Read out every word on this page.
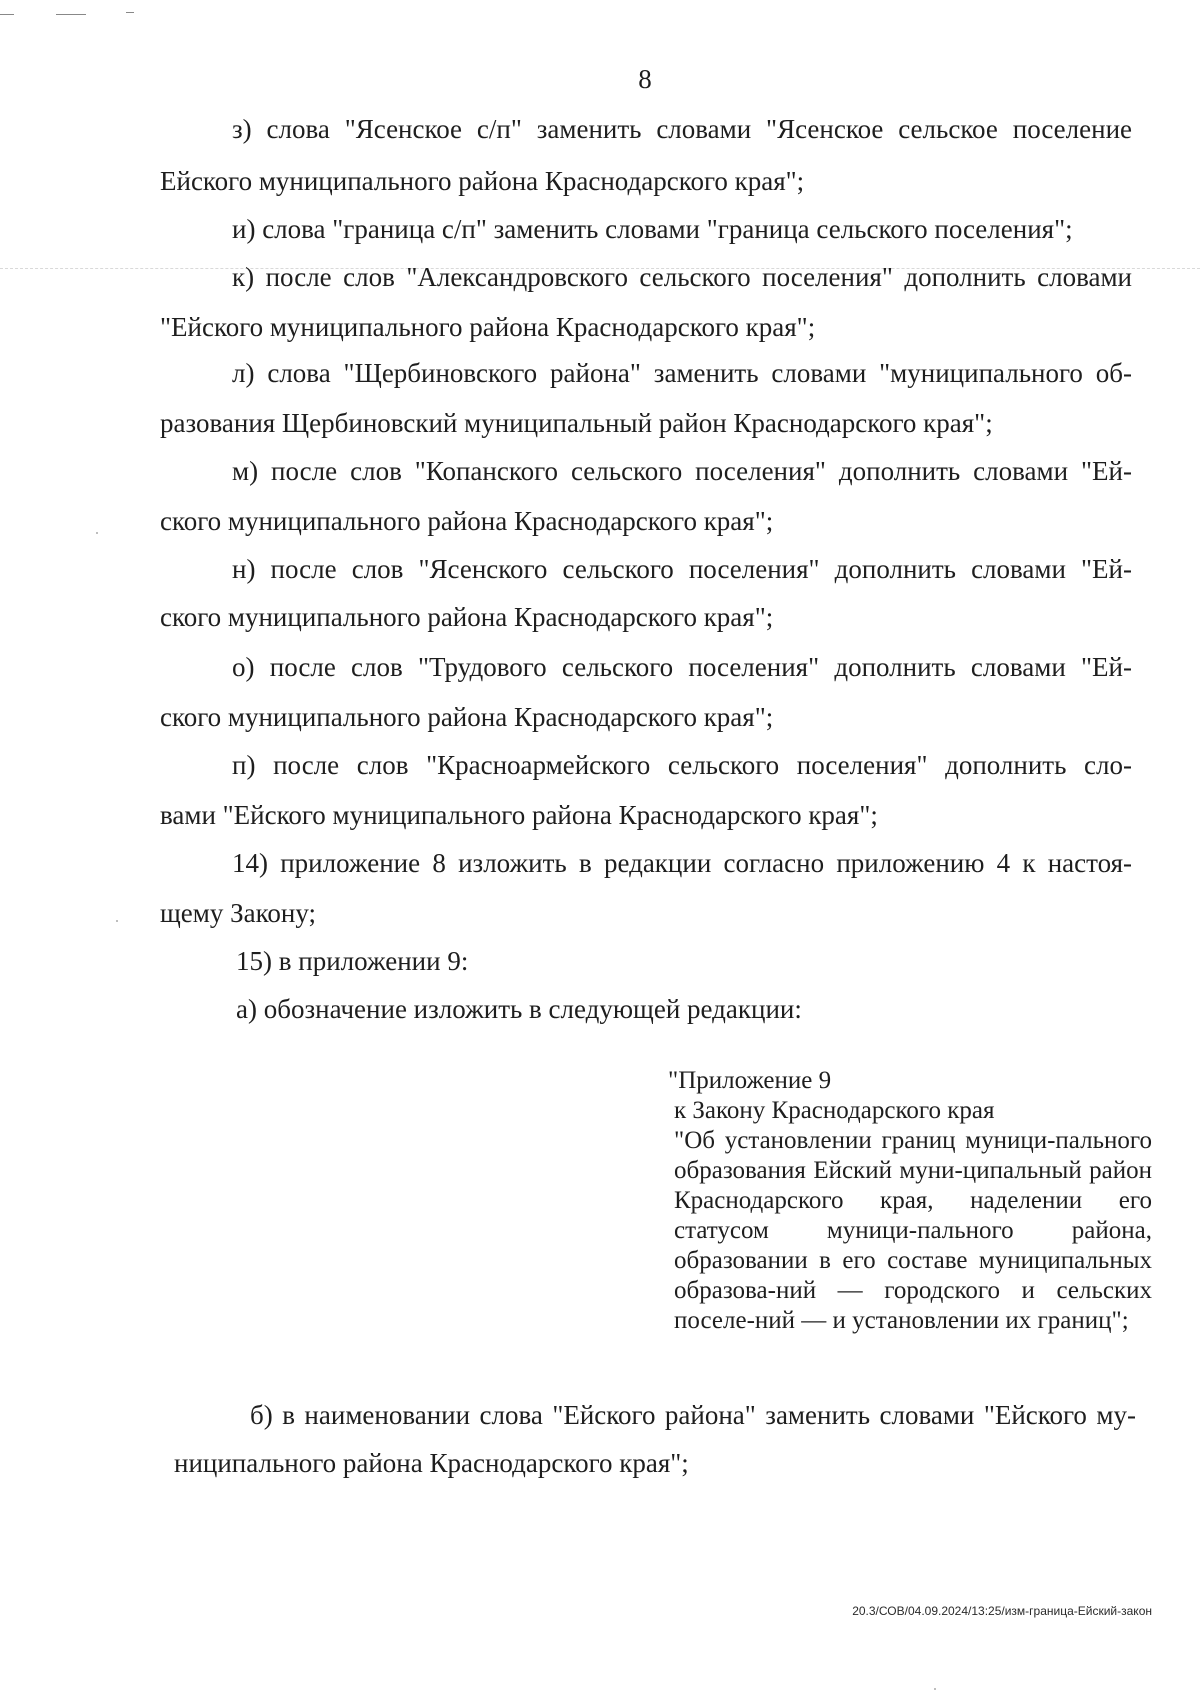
8
з) слова "Ясенское с/п" заменить словами "Ясенское сельское поселение
Ейского муниципального района Краснодарского края";
и) слова "граница с/п" заменить словами "граница сельского поселения";
к) после слов "Александровского сельского поселения" дополнить словами
"Ейского муниципального района Краснодарского края";
л) слова "Щербиновского района" заменить словами "муниципального об-
разования Щербиновский муниципальный район Краснодарского края";
м) после слов "Копанского сельского поселения" дополнить словами "Ей-
ского муниципального района Краснодарского края";
н) после слов "Ясенского сельского поселения" дополнить словами "Ей-
ского муниципального района Краснодарского края";
о) после слов "Трудового сельского поселения" дополнить словами "Ей-
ского муниципального района Краснодарского края";
п) после слов "Красноармейского сельского поселения" дополнить сло-
вами "Ейского муниципального района Краснодарского края";
14) приложение 8 изложить в редакции согласно приложению 4 к настоя-
щему Закону;
15) в приложении 9:
а) обозначение изложить в следующей редакции:
"Приложение 9
к Закону Краснодарского края
"Об установлении границ муници-пального образования Ейский муни-ципальный район Краснодарского края, наделении его статусом муници-пального района, образовании в его составе муниципальных образова-ний — городского и сельских поселе-ний — и установлении их границ";
б) в наименовании слова "Ейского района" заменить словами "Ейского му-
ниципального района Краснодарского края";
20.3/СОВ/04.09.2024/13:25/изм-граница-Ейский-закон
